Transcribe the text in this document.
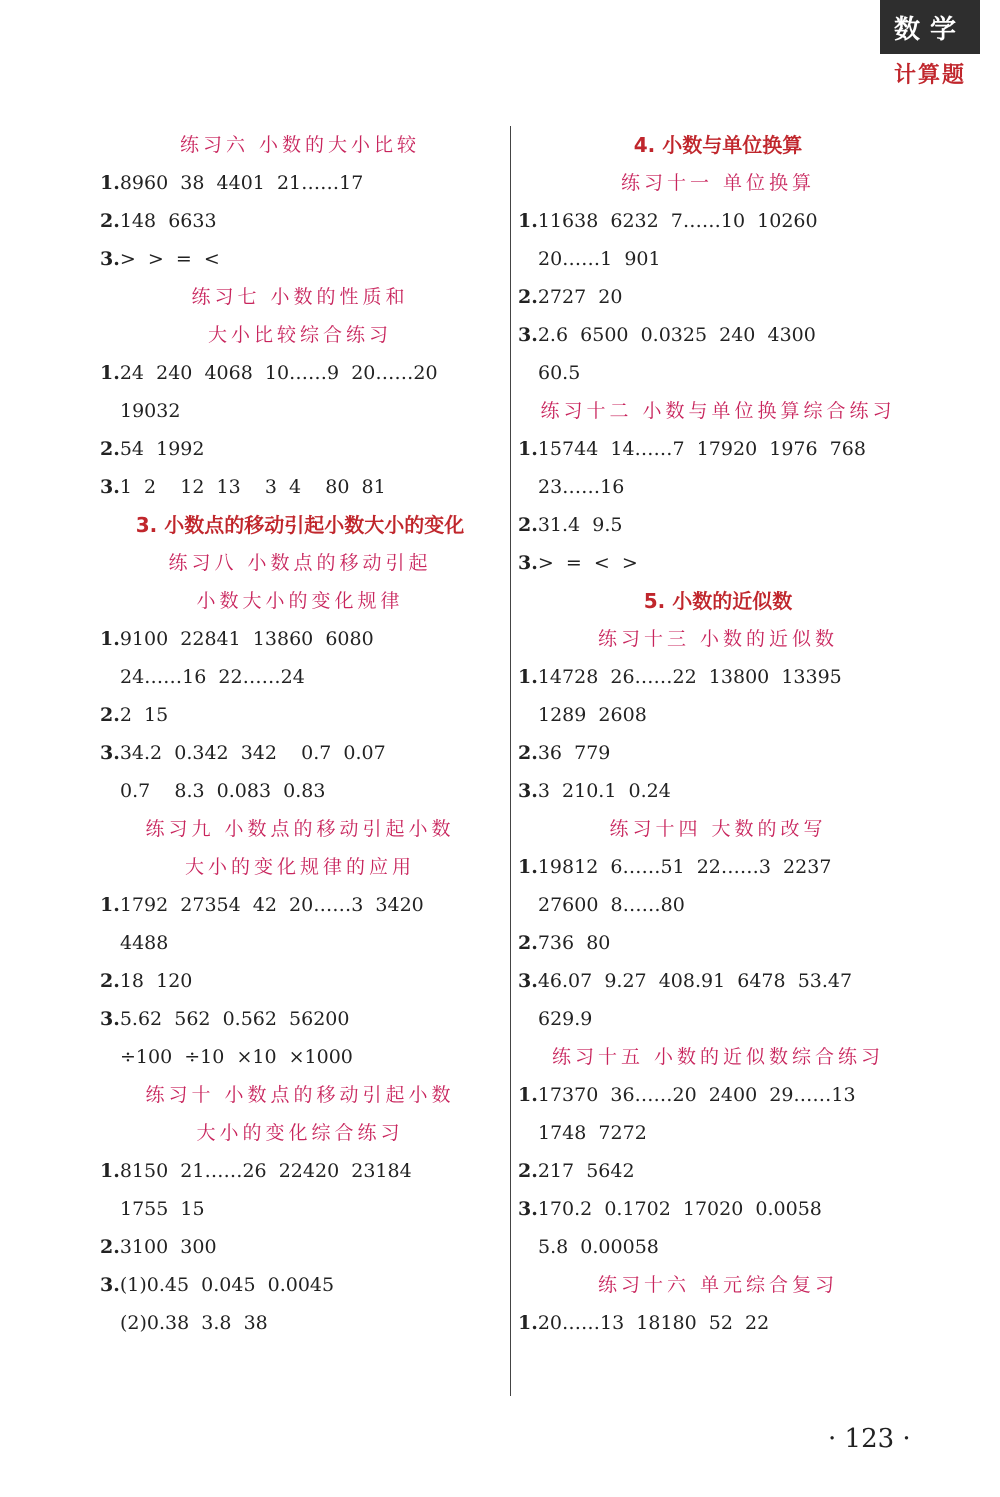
数学
计算题
练习六 小数的大小比较
1.8960  38  4401  21……17
2.148  6633
3.>  >  =  <
练习七 小数的性质和
大小比较综合练习
1.24  240  4068  10……9  20……20
19032
2.54  1992
3.1  2    12  13    3  4    80  81
3. 小数点的移动引起小数大小的变化
练习八 小数点的移动引起
小数大小的变化规律
1.9100  22841  13860  6080
24……16  22……24
2.2  15
3.34.2  0.342  342    0.7  0.07
0.7    8.3  0.083  0.83
练习九 小数点的移动引起小数
大小的变化规律的应用
1.1792  27354  42  20……3  3420
4488
2.18  120
3.5.62  562  0.562  56200
÷100  ÷10  ×10  ×1000
练习十 小数点的移动引起小数
大小的变化综合练习
1.8150  21……26  22420  23184
1755  15
2.3100  300
3.(1)0.45  0.045  0.0045
(2)0.38  3.8  38
4. 小数与单位换算
练习十一 单位换算
1.11638  6232  7……10  10260
20……1  901
2.2727  20
3.2.6  6500  0.0325  240  4300
60.5
练习十二 小数与单位换算综合练习
1.15744  14……7  17920  1976  768
23……16
2.31.4  9.5
3.>  =  <  >
5. 小数的近似数
练习十三 小数的近似数
1.14728  26……22  13800  13395
1289  2608
2.36  779
3.3  210.1  0.24
练习十四 大数的改写
1.19812  6……51  22……3  2237
27600  8……80
2.736  80
3.46.07  9.27  408.91  6478  53.47
629.9
练习十五 小数的近似数综合练习
1.17370  36……20  2400  29……13
1748  7272
2.217  5642
3.170.2  0.1702  17020  0.0058
5.8  0.00058
练习十六 单元综合复习
1.20……13  18180  52  22
· 123 ·
